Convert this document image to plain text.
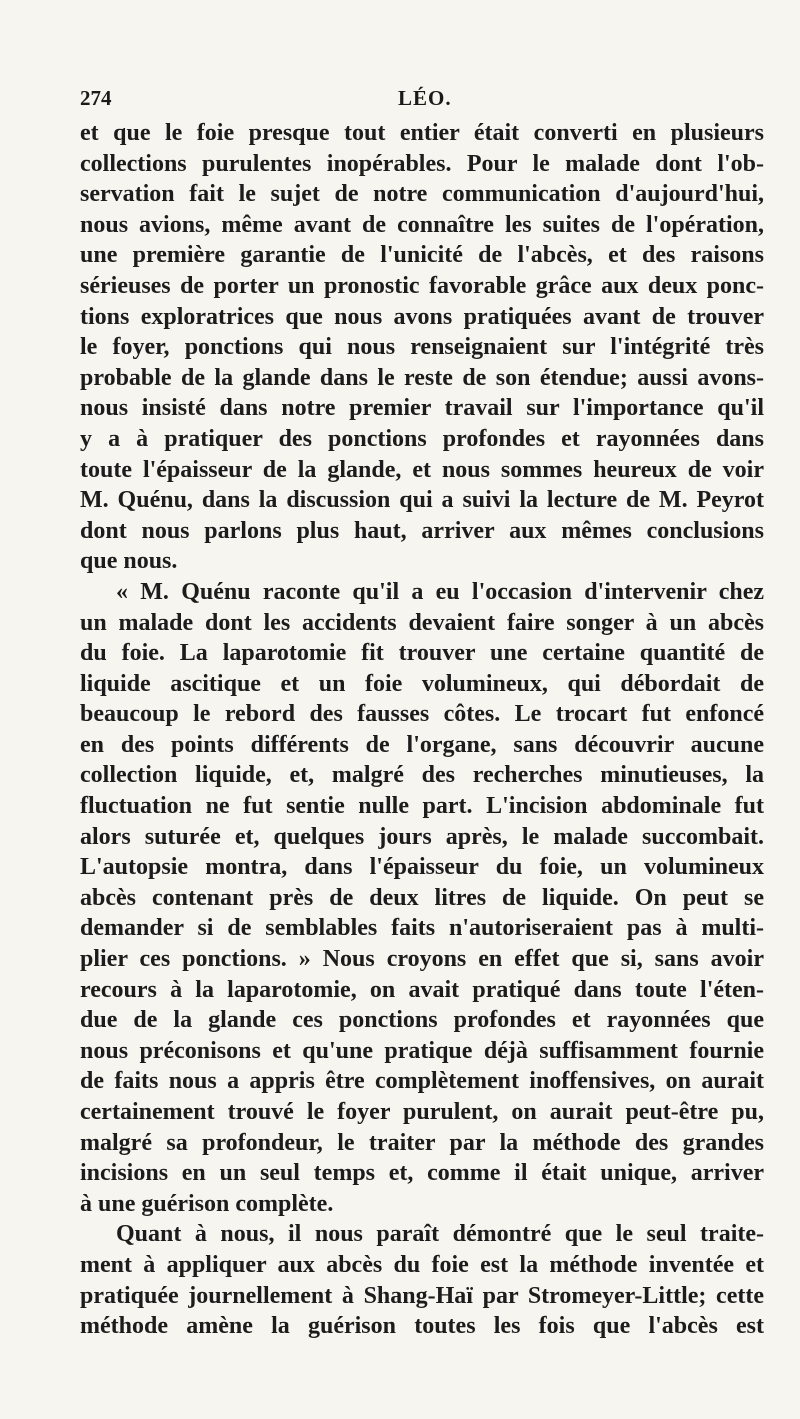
274	LÉO.
et que le foie presque tout entier était converti en plusieurs
collections purulentes inopérables. Pour le malade dont l'ob-
servation fait le sujet de notre communication d'aujourd'hui,
nous avions, même avant de connaître les suites de l'opération,
une première garantie de l'unicité de l'abcès, et des raisons
sérieuses de porter un pronostic favorable grâce aux deux ponc-
tions exploratrices que nous avons pratiquées avant de trouver
le foyer, ponctions qui nous renseignaient sur l'intégrité très
probable de la glande dans le reste de son étendue; aussi avons-
nous insisté dans notre premier travail sur l'importance qu'il
y a à pratiquer des ponctions profondes et rayonnées dans
toute l'épaisseur de la glande, et nous sommes heureux de voir
M. Quénu, dans la discussion qui a suivi la lecture de M. Peyrot
dont nous parlons plus haut, arriver aux mêmes conclusions
que nous.
« M. Quénu raconte qu'il a eu l'occasion d'intervenir chez
un malade dont les accidents devaient faire songer à un abcès
du foie. La laparotomie fit trouver une certaine quantité de
liquide ascitique et un foie volumineux, qui débordait de
beaucoup le rebord des fausses côtes. Le trocart fut enfoncé
en des points différents de l'organe, sans découvrir aucune
collection liquide, et, malgré des recherches minutieuses, la
fluctuation ne fut sentie nulle part. L'incision abdominale fut
alors suturée et, quelques jours après, le malade succombait.
L'autopsie montra, dans l'épaisseur du foie, un volumineux
abcès contenant près de deux litres de liquide. On peut se
demander si de semblables faits n'autoriseraient pas à multi-
plier ces ponctions. » Nous croyons en effet que si, sans avoir
recours à la laparotomie, on avait pratiqué dans toute l'éten-
due de la glande ces ponctions profondes et rayonnées que
nous préconisons et qu'une pratique déjà suffisamment fournie
de faits nous a appris être complètement inoffensives, on aurait
certainement trouvé le foyer purulent, on aurait peut-être pu,
malgré sa profondeur, le traiter par la méthode des grandes
incisions en un seul temps et, comme il était unique, arriver
à une guérison complète.
Quant à nous, il nous paraît démontré que le seul traite-
ment à appliquer aux abcès du foie est la méthode inventée et
pratiquée journellement à Shang-Haï par Stromeyer-Little; cette
méthode amène la guérison toutes les fois que l'abcès est
